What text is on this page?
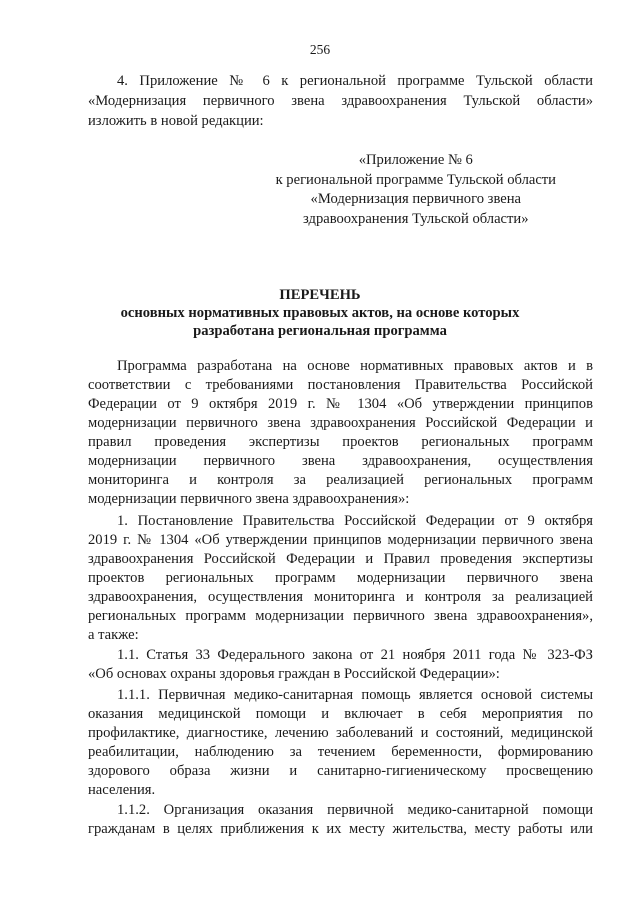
256
4. Приложение № 6 к региональной программе Тульской области
«Модернизация первичного звена здравоохранения Тульской области»
изложить в новой редакции:
«Приложение № 6
к региональной программе Тульской области
«Модернизация первичного звена
здравоохранения Тульской области»
ПЕРЕЧЕНЬ
основных нормативных правовых актов, на основе которых
разработана региональная программа
Программа разработана на основе нормативных правовых актов и в
соответствии с требованиями постановления Правительства Российской
Федерации от 9 октября 2019 г. № 1304 «Об утверждении принципов
модернизации первичного звена здравоохранения Российской Федерации и
правил проведения экспертизы проектов региональных программ
модернизации первичного звена здравоохранения, осуществления
мониторинга и контроля за реализацией региональных программ
модернизации первичного звена здравоохранения»:
1. Постановление Правительства Российской Федерации от 9 октября
2019 г. № 1304 «Об утверждении принципов модернизации первичного звена
здравоохранения Российской Федерации и Правил проведения экспертизы
проектов региональных программ модернизации первичного звена
здравоохранения, осуществления мониторинга и контроля за реализацией
региональных программ модернизации первичного звена здравоохранения»,
а также:
1.1. Статья 33 Федерального закона от 21 ноября 2011 года № 323-ФЗ
«Об основах охраны здоровья граждан в Российской Федерации»:
1.1.1. Первичная медико-санитарная помощь является основой системы
оказания медицинской помощи и включает в себя мероприятия по
профилактике, диагностике, лечению заболеваний и состояний, медицинской
реабилитации, наблюдению за течением беременности, формированию
здорового образа жизни и санитарно-гигиеническому просвещению
населения.
1.1.2. Организация оказания первичной медико-санитарной помощи
гражданам в целях приближения к их месту жительства, месту работы или
